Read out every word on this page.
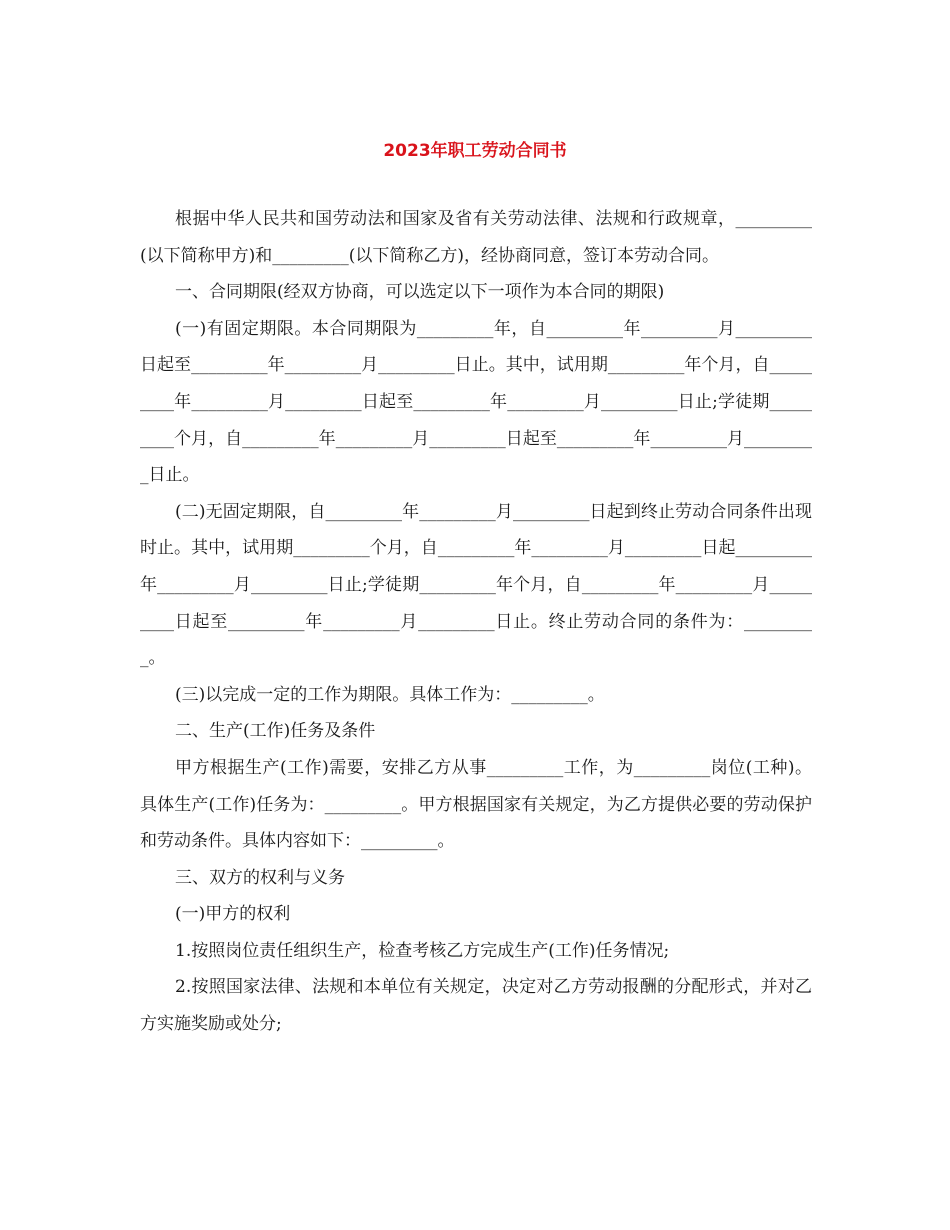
2023年职工劳动合同书

根据中华人民共和国劳动法和国家及省有关劳动法律、法规和行政规章，_________(以下简称甲方)和_________(以下简称乙方)，经协商同意，签订本劳动合同。

一、合同期限(经双方协商，可以选定以下一项作为本合同的期限)

(一)有固定期限。本合同期限为_________年，自_________年_________月_________日起至_________年_________月_________日止。其中，试用期_________年个月，自_________年_________月_________日起至_________年_________月_________日止;学徒期_________个月，自_________年_________月_________日起至_________年_________月_________日止。

(二)无固定期限，自_________年_________月_________日起到终止劳动合同条件出现时止。其中，试用期_________个月，自_________年_________月_________日起_________年_________月_________日止;学徒期_________年个月，自_________年_________月_________日起至_________年_________月_________日止。终止劳动合同的条件为：_________。

(三)以完成一定的工作为期限。具体工作为：_________。

二、生产(工作)任务及条件

甲方根据生产(工作)需要，安排乙方从事_________工作，为_________岗位(工种)。具体生产(工作)任务为：_________。甲方根据国家有关规定，为乙方提供必要的劳动保护和劳动条件。具体内容如下：_________。

三、双方的权利与义务

(一)甲方的权利

1.按照岗位责任组织生产，检查考核乙方完成生产(工作)任务情况;

2.按照国家法律、法规和本单位有关规定，决定对乙方劳动报酬的分配形式，并对乙方实施奖励或处分;
